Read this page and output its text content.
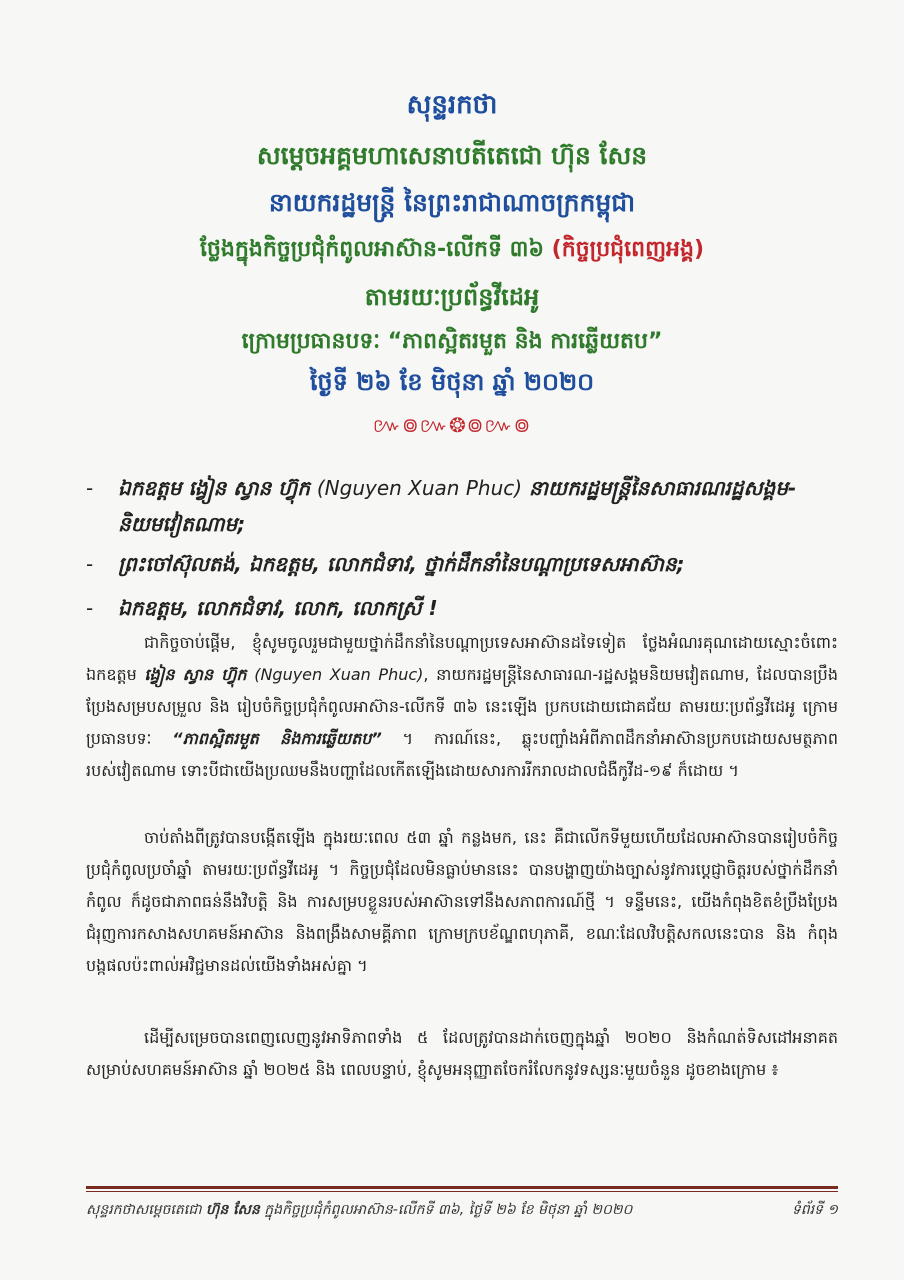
សុន្ទរកថា
សម្ដេចអគ្គមហាសេនាបតីតេជោ ហ៊ុន សែន
នាយករដ្ឋមន្ត្រី នៃព្រះរាជាណាចក្រកម្ពុជា
ថ្លែងក្នុងកិច្ចប្រជុំកំពូលអាស៊ាន-លើកទី ៣៦ (កិច្ចប្រជុំពេញអង្គ)
តាមរយៈប្រព័ន្ធវីដេអូ
ក្រោមប្រធានបទៈ “ភាពស្អិតរមួត និង ការឆ្លើយតប”
ថ្ងៃទី ២៦ ខែ មិថុនា ឆ្នាំ ២០២០
៚៙៚❂៙៚៙
- ឯកឧត្ដម ង្វៀន ស្វាន ហ៊្វុក (Nguyen Xuan Phuc) នាយករដ្ឋមន្ត្រីនៃសាធារណរដ្ឋសង្គម-និយមវៀតណាម;
- ព្រះចៅស៊ុលតង់, ឯកឧត្ដម, លោកជំទាវ, ថ្នាក់ដឹកនាំនៃបណ្ដាប្រទេសអាស៊ាន;
- ឯកឧត្ដម, លោកជំទាវ, លោក, លោកស្រី !
ជាកិច្ចចាប់ផ្ដើម, ខ្ញុំសូមចូលរួមជាមួយថ្នាក់ដឹកនាំនៃបណ្ដាប្រទេសអាស៊ានដទៃទៀត ថ្លែងអំណរគុណដោយស្មោះចំពោះ ឯកឧត្ដម ង្វៀន ស្វាន ហ៊្វុក (Nguyen Xuan Phuc), នាយករដ្ឋមន្ត្រីនៃសាធារណ-រដ្ឋសង្គមនិយមវៀតណាម, ដែលបានប្រឹងប្រែងសម្របសម្រួល និង រៀបចំកិច្ចប្រជុំកំពូលអាស៊ាន-លើកទី ៣៦ នេះឡើង ប្រកបដោយជោគជ័យ តាមរយៈប្រព័ន្ធវីដេអូ ក្រោមប្រធានបទៈ “ភាពស្អិតរមួត និងការឆ្លើយតប” ។ ការណ៍នេះ, ឆ្លុះបញ្ចាំងអំពីភាពដឹកនាំអាស៊ានប្រកបដោយសមត្ថភាពរបស់វៀតណាម ទោះបីជាយើងប្រឈមនឹងបញ្ហាដែលកើតឡើងដោយសារការរីករាលដាលជំងឺកូវីដ-១៩ ក៏ដោយ ។
ចាប់តាំងពីត្រូវបានបង្កើតឡើង ក្នុងរយៈពេល ៥៣ ឆ្នាំ កន្លងមក, នេះ គឺជាលើកទីមួយហើយដែលអាស៊ានបានរៀបចំកិច្ចប្រជុំកំពូលប្រចាំឆ្នាំ តាមរយៈប្រព័ន្ធវីដេអូ ។ កិច្ចប្រជុំដែលមិនធ្លាប់មាននេះ បានបង្ហាញយ៉ាងច្បាស់នូវការប្ដេជ្ញាចិត្តរបស់ថ្នាក់ដឹកនាំកំពូល ក៏ដូចជាភាពធន់នឹងវិបត្តិ និង ការសម្របខ្លួនរបស់អាស៊ានទៅនឹងសភាពការណ៍ថ្មី ។ ទន្ទឹមនេះ, យើងកំពុងខិតខំប្រឹងប្រែងជំរុញការកសាងសហគមន៍អាស៊ាន និងពង្រឹងសាមគ្គីភាព ក្រោមក្របខ័ណ្ឌពហុភាគី, ខណៈដែលវិបត្តិសកលនេះបាន និង កំពុងបង្កផលប៉ះពាល់អវិជ្ជមានដល់យើងទាំងអស់គ្នា ។
ដើម្បីសម្រេចបានពេញលេញនូវអាទិភាពទាំង ៥ ដែលត្រូវបានដាក់ចេញក្នុងឆ្នាំ ២០២០ និងកំណត់ទិសដៅអនាគតសម្រាប់សហគមន៍អាស៊ាន ឆ្នាំ ២០២៥ និង ពេលបន្ទាប់, ខ្ញុំសូមអនុញ្ញាតចែករំលែកនូវទស្សនៈមួយចំនួន ដូចខាងក្រោម ៖
សុន្ទរកថាសម្ដេចតេជោ ហ៊ុន សែន ក្នុងកិច្ចប្រជុំកំពូលអាស៊ាន-លើកទី ៣៦, ថ្ងៃទី ២៦ ខែ មិថុនា ឆ្នាំ ២០២០	ទំព័រទី ១
